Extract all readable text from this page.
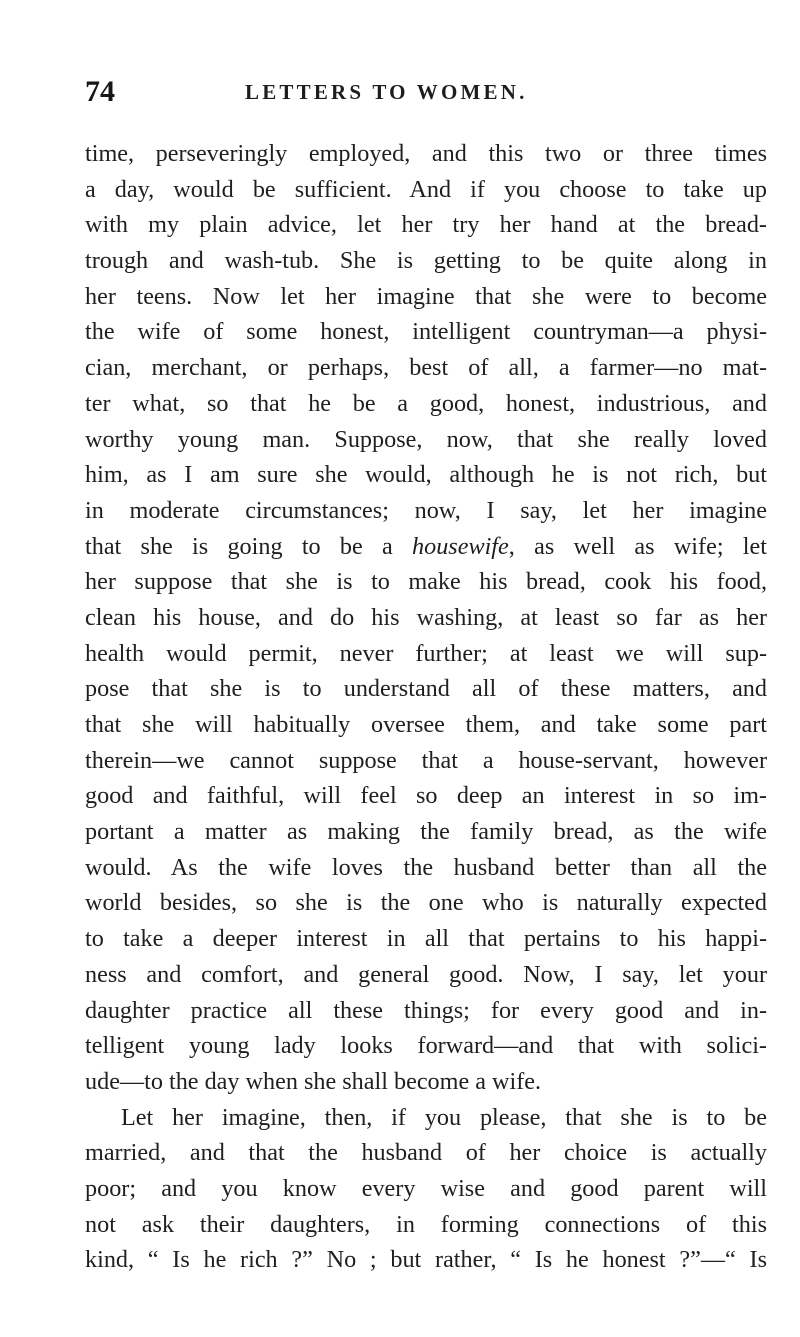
74	LETTERS TO WOMEN.
time, perseveringly employed, and this two or three times
a day, would be sufficient. And if you choose to take up
with my plain advice, let her try her hand at the bread-
trough and wash-tub. She is getting to be quite along in
her teens. Now let her imagine that she were to become
the wife of some honest, intelligent countryman—a physi-
cian, merchant, or perhaps, best of all, a farmer—no mat-
ter what, so that he be a good, honest, industrious, and
worthy young man. Suppose, now, that she really loved
him, as I am sure she would, although he is not rich, but
in moderate circumstances; now, I say, let her imagine
that she is going to be a housewife, as well as wife; let
her suppose that she is to make his bread, cook his food,
clean his house, and do his washing, at least so far as her
health would permit, never further; at least we will sup-
pose that she is to understand all of these matters, and
that she will habitually oversee them, and take some part
therein—we cannot suppose that a house-servant, however
good and faithful, will feel so deep an interest in so im-
portant a matter as making the family bread, as the wife
would. As the wife loves the husband better than all the
world besides, so she is the one who is naturally expected
to take a deeper interest in all that pertains to his happi-
ness and comfort, and general good. Now, I say, let your
daughter practice all these things; for every good and in-
telligent young lady looks forward—and that with solici-
ude—to the day when she shall become a wife.
Let her imagine, then, if you please, that she is to be
married, and that the husband of her choice is actually
poor; and you know every wise and good parent will
not ask their daughters, in forming connections of this
kind, “ Is he rich ?” No ; but rather, “ Is he honest ?”—“ Is
